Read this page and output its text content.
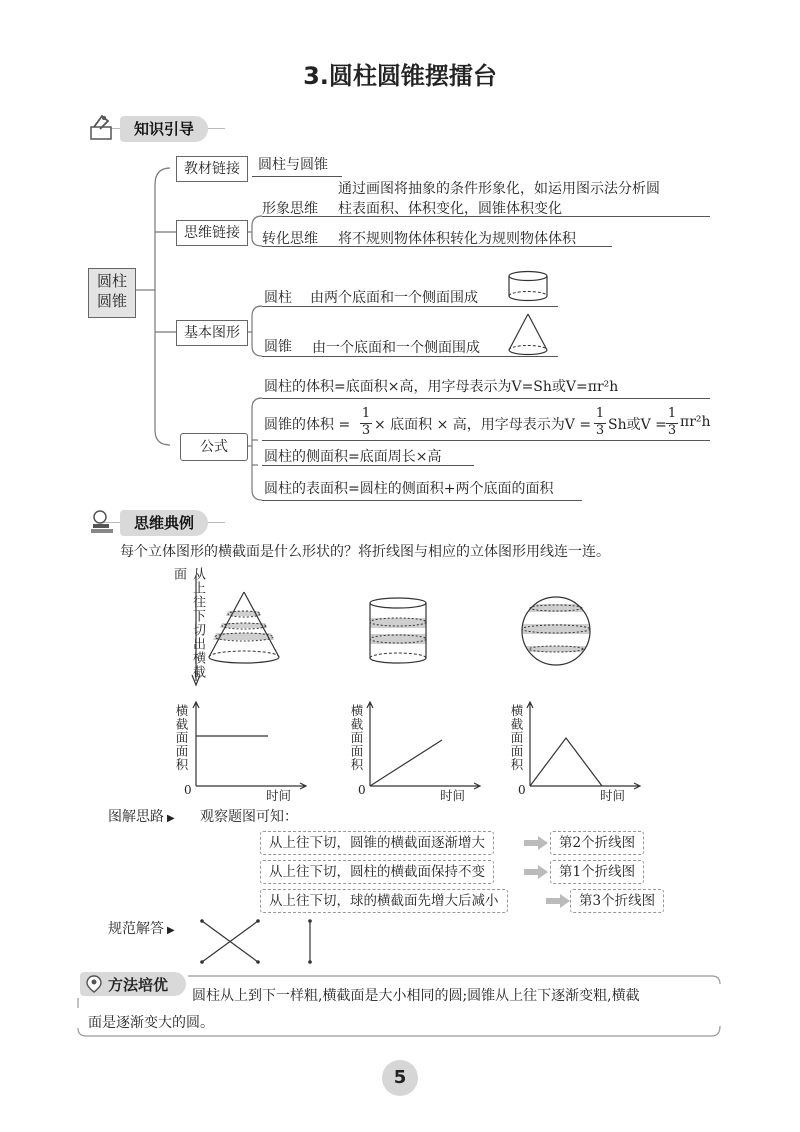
3.圆柱圆锥摆擂台
知识引导
圆柱
圆锥
教材链接	圆柱与圆锥
思维链接
通过画图将抽象的条件形象化，如运用图示法分析圆
形象思维 柱表面积、体积变化，圆锥体积变化
转化思维 将不规则物体体积转化为规则物体体积
基本图形
圆柱 由两个底面和一个侧面围成
圆锥 由一个底面和一个侧面围成
公式
圆柱的体积=底面积×高，用字母表示为V=Sh或V=πr²h
圆锥的体积 =
1
3 × 底面积 × 高，用字母表示为V =
1
3 Sh或V =
1
3
πr²h
圆柱的侧面积=底面周长×高
圆柱的表面积=圆柱的侧面积+两个底面的面积
思维典例
每个立体图形的横截面是什么形状的？将折线图与相应的立体图形用线连一连。
从上往下切出横截面
横截面面积
0	时间
横截面面积
0	时间
横截面面积
0	时间
图解思路 ▶ 观察题图可知：
从上往下切，圆锥的横截面逐渐增大
从上往下切，圆柱的横截面保持不变
从上往下切，球的横截面先增大后减小
第2个折线图
第1个折线图
第3个折线图
规范解答 ▶
方法培优
圆柱从上到下一样粗,横截面是大小相同的圆;圆锥从上往下逐渐变粗,横截
面是逐渐变大的圆。
5
